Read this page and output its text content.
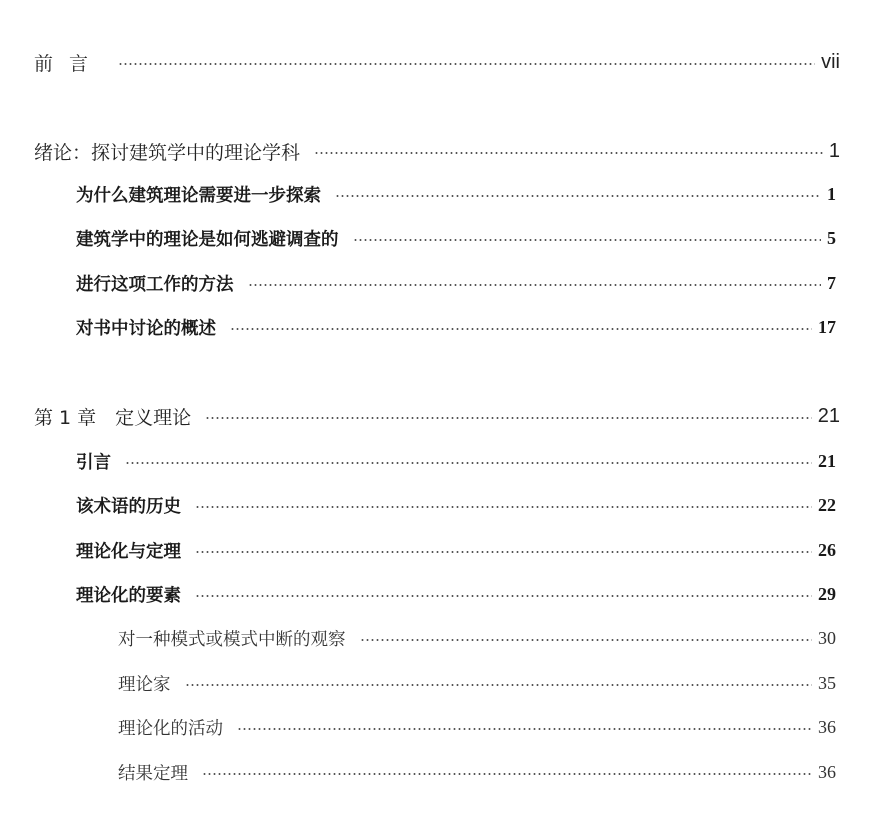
前言	vii
绪论：探讨建筑学中的理论学科	1
为什么建筑理论需要进一步探索	1
建筑学中的理论是如何逃避调查的	5
进行这项工作的方法	7
对书中讨论的概述	17
第 1 章　定义理论	21
引言	21
该术语的历史	22
理论化与定理	26
理论化的要素	29
对一种模式或模式中断的观察	30
理论家	35
理论化的活动	36
结果定理	36
